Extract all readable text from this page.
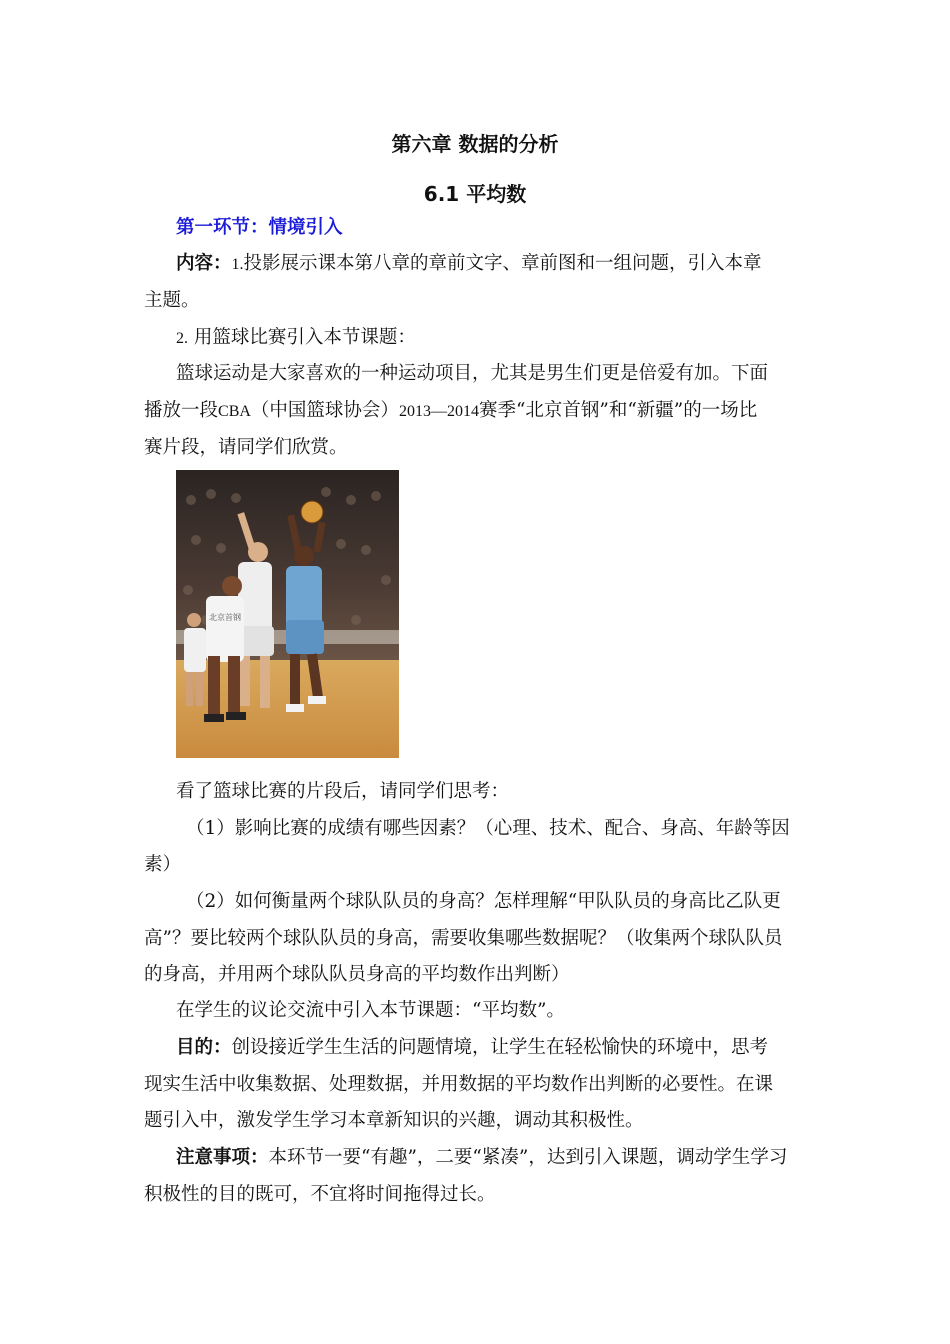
第六章 数据的分析
6.1 平均数
第一环节：情境引入
内容：1.投影展示课本第八章的章前文字、章前图和一组问题，引入本章
主题。
2. 用篮球比赛引入本节课题：
篮球运动是大家喜欢的一种运动项目，尤其是男生们更是倍爱有加。下面
播放一段CBA（中国篮球协会）2013—2014赛季“北京首钢”和“新疆”的一场比
赛片段，请同学们欣赏。
北京首钢
看了篮球比赛的片段后，请同学们思考：
（1）影响比赛的成绩有哪些因素？（心理、技术、配合、身高、年龄等因
素）
（2）如何衡量两个球队队员的身高？怎样理解“甲队队员的身高比乙队更
高”？要比较两个球队队员的身高，需要收集哪些数据呢？（收集两个球队队员
的身高，并用两个球队队员身高的平均数作出判断）
在学生的议论交流中引入本节课题：“平均数”。
目的：创设接近学生生活的问题情境，让学生在轻松愉快的环境中，思考
现实生活中收集数据、处理数据，并用数据的平均数作出判断的必要性。在课
题引入中，激发学生学习本章新知识的兴趣，调动其积极性。
注意事项：本环节一要“有趣”，二要“紧凑”，达到引入课题，调动学生学习
积极性的目的既可，不宜将时间拖得过长。
